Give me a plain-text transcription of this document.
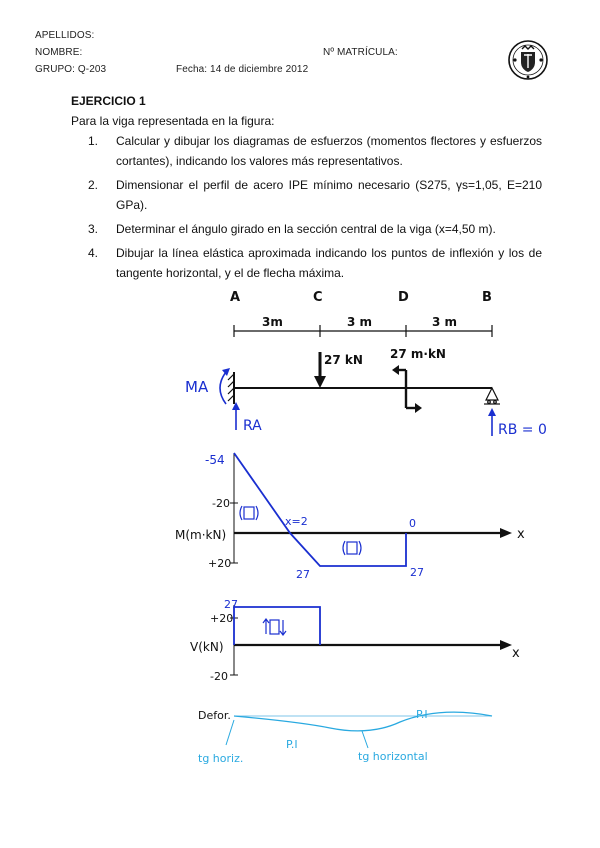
APELLIDOS:
NOMBRE:	Nº MATRÍCULA:
GRUPO: Q-203	Fecha: 14 de diciembre 2012
EJERCICIO 1
Para la viga representada en la figura:
1. Calcular y dibujar los diagramas de esfuerzos (momentos flectores y esfuerzos cortantes), indicando los valores más representativos.
2. Dimensionar el perfil de acero IPE mínimo necesario (S275, γs=1,05, E=210 GPa).
3. Determinar el ángulo girado en la sección central de la viga (x=4,50 m).
4. Dibujar la línea elástica aproximada indicando los puntos de inflexión y los de tangente horizontal, y el de flecha máxima.
A	C	D	B
3m	3 m	3 m
27 kN 27 m·kN
MA
RA	RB = 0
x
M(m·kN)
-20
+20
-54
x=2	0
27	27
x
V(kN)
+20
-20
27
Defor.
tg horiz.
P.I
tg horizontal
P.I
